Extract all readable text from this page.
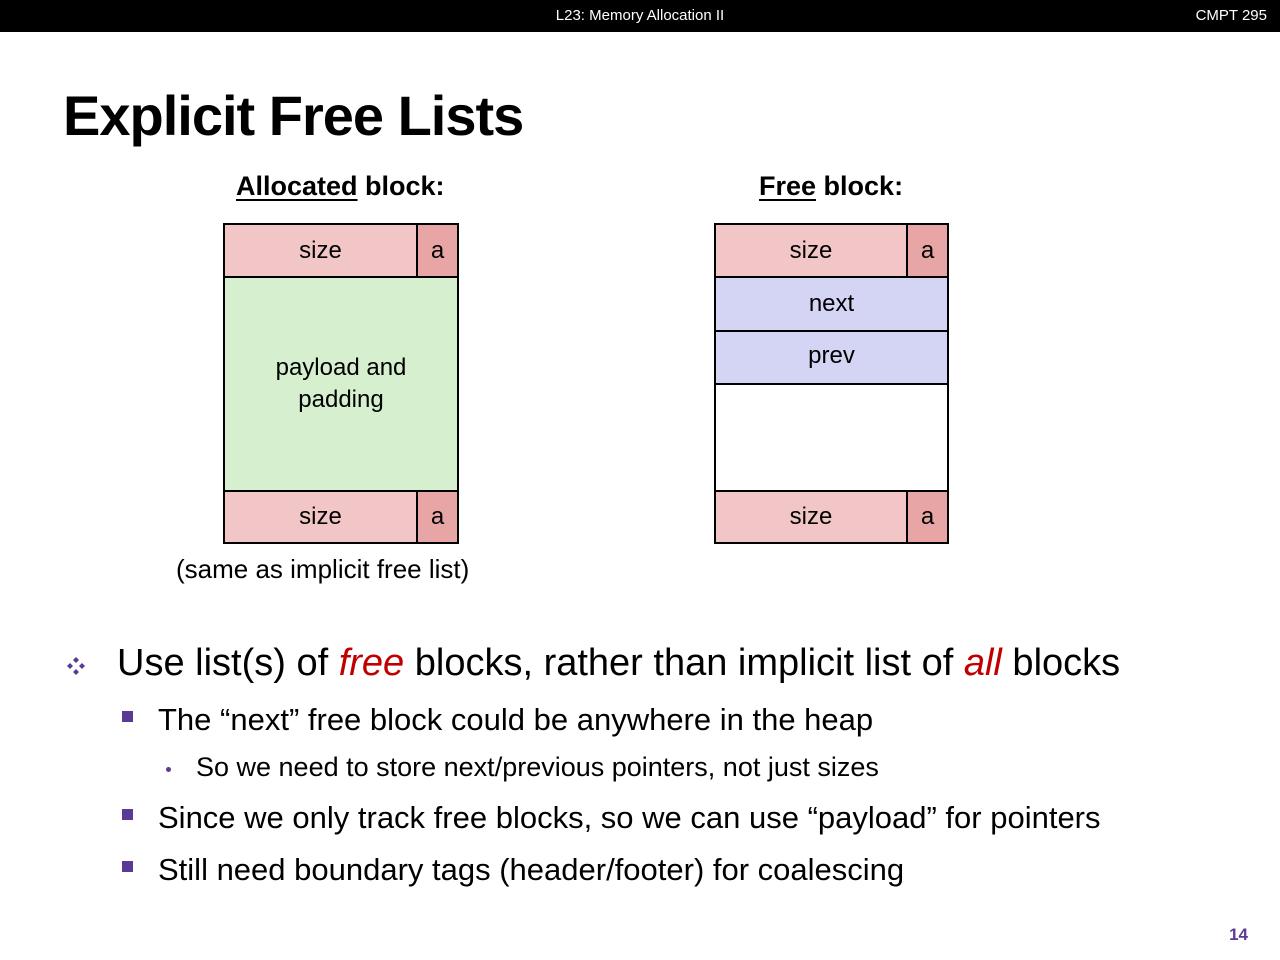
L23: Memory Allocation II	CMPT 295
Explicit Free Lists
Allocated block:
size	a
payload and
padding
size	a
(same as implicit free list)
Free block:
size	a
next
prev
size	a
Use list(s) of free blocks, rather than implicit list of all blocks
The “next” free block could be anywhere in the heap
So we need to store next/previous pointers, not just sizes
Since we only track free blocks, so we can use “payload” for pointers
Still need boundary tags (header/footer) for coalescing
14
